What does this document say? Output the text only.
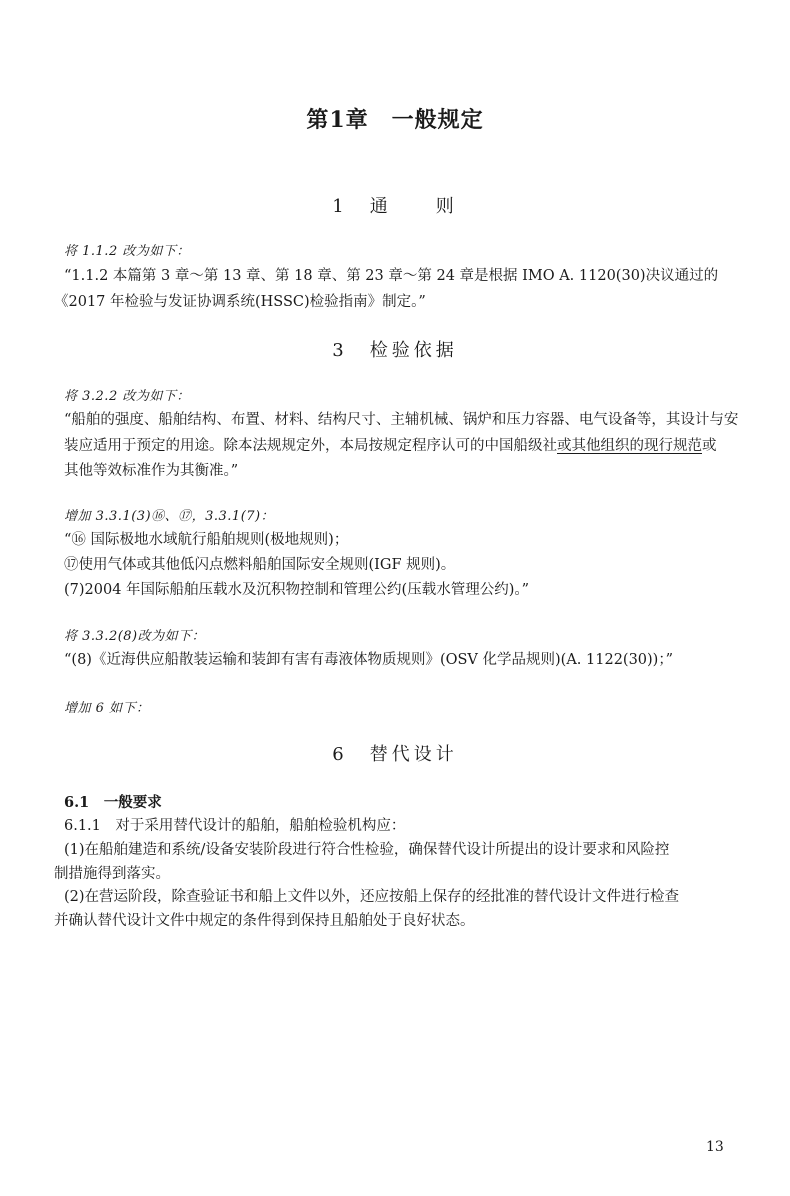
第1章　一般规定
1　通　　则
将 1.1.2 改为如下：
“1.1.2 本篇第 3 章～第 13 章、第 18 章、第 23 章～第 24 章是根据 IMO A. 1120(30)决议通过的
《2017 年检验与发证协调系统(HSSC)检验指南》制定。”
3　检验依据
将 3.2.2 改为如下：
“船舶的强度、船舶结构、布置、材料、结构尺寸、主辅机械、锅炉和压力容器、电气设备等，其设计与安
装应适用于预定的用途。除本法规规定外，本局按规定程序认可的中国船级社或其他组织的现行规范或
其他等效标准作为其衡准。”
增加 3.3.1(3)⑯、⑰，3.3.1(7)：
“⑯ 国际极地水域航行船舶规则(极地规则)；
⑰使用气体或其他低闪点燃料船舶国际安全规则(IGF 规则)。
(7)2004 年国际船舶压载水及沉积物控制和管理公约(压载水管理公约)。”
将 3.3.2(8)改为如下：
“(8)《近海供应船散装运输和装卸有害有毒液体物质规则》(OSV 化学品规则)(A. 1122(30))；”
增加 6 如下：
6　替代设计
6.1　一般要求
6.1.1　对于采用替代设计的船舶，船舶检验机构应：
(1)在船舶建造和系统/设备安装阶段进行符合性检验，确保替代设计所提出的设计要求和风险控
制措施得到落实。
(2)在营运阶段，除查验证书和船上文件以外，还应按船上保存的经批准的替代设计文件进行检查
并确认替代设计文件中规定的条件得到保持且船舶处于良好状态。
13
